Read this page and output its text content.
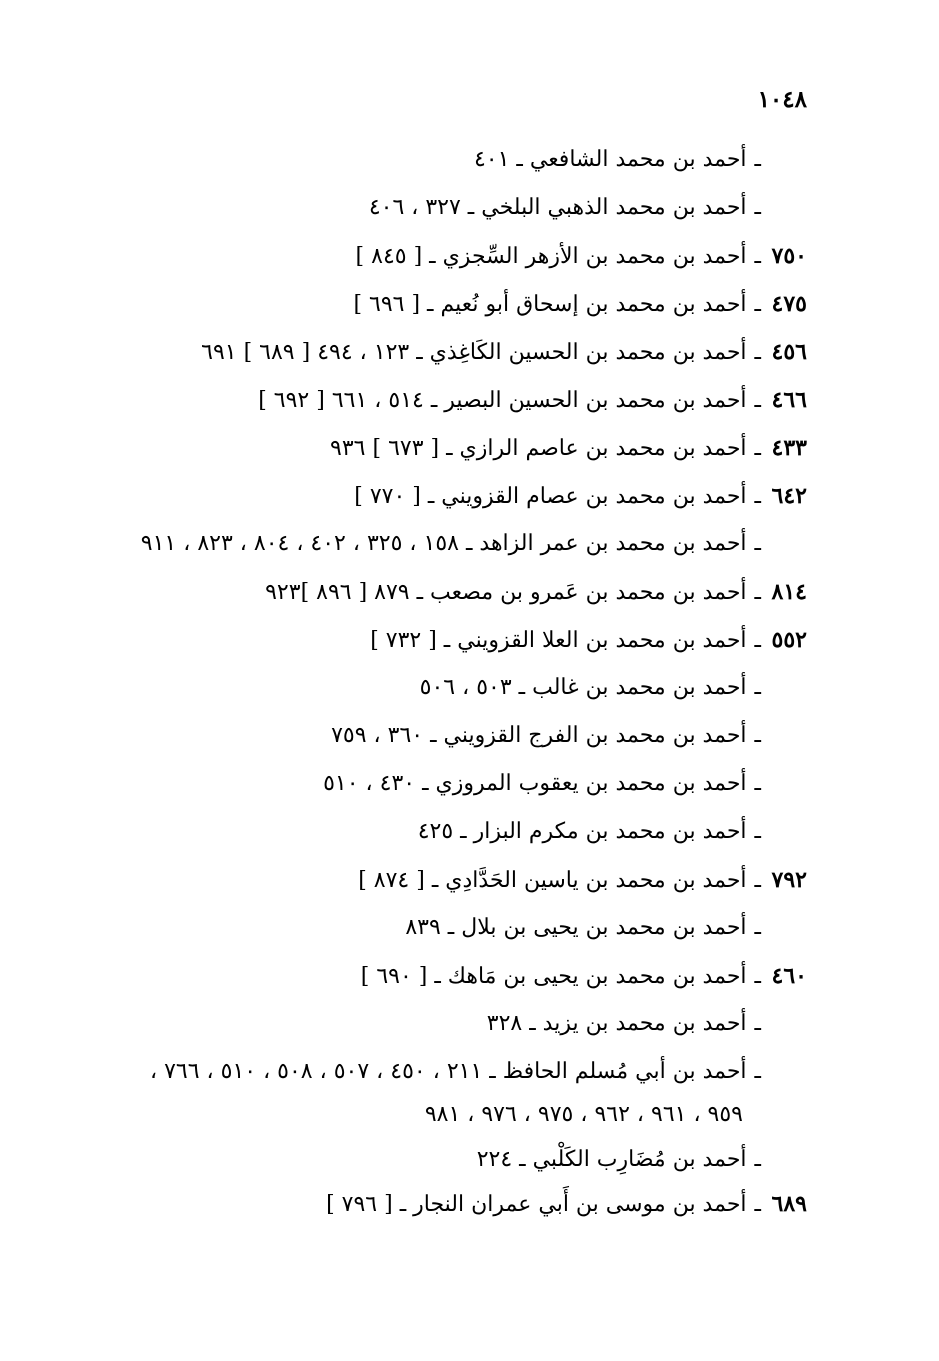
١٠٤٨
ـأحمد بن محمد الشافعي ـ ٤٠١
ـأحمد بن محمد الذهبي البلخي ـ ٣٢٧ ، ٤٠٦
٧٥٠ـأحمد بن محمد بن الأزهر السِّجزي ـ [ ٨٤٥ ]
٤٧٥ـأحمد بن محمد بن إسحاق أبو نُعيم ـ [ ٦٩٦ ]
٤٥٦ـأحمد بن محمد بن الحسين الكَاغِذي ـ ١٢٣ ، ٤٩٤ [ ٦٨٩ ] ٦٩١
٤٦٦ـأحمد بن محمد بن الحسين البصير ـ ٥١٤ ، ٦٦١ [ ٦٩٢ ]
٤٣٣ـأحمد بن محمد بن عاصم الرازي ـ [ ٦٧٣ ] ٩٣٦
٦٤٢ـأحمد بن محمد بن عصام القزويني ـ [ ٧٧٠ ]
ـأحمد بن محمد بن عمر الزاهد ـ ١٥٨ ، ٣٢٥ ، ٤٠٢ ، ٨٠٤ ، ٨٢٣ ، ٩١١
٨١٤ـأحمد بن محمد بن عَمرو بن مصعب ـ ٨٧٩ [ ٨٩٦ ]٩٢٣
٥٥٢ـأحمد بن محمد بن العلا القزويني ـ [ ٧٣٢ ]
ـأحمد بن محمد بن غالب ـ ٥٠٣ ، ٥٠٦
ـأحمد بن محمد بن الفرج القزويني ـ ٣٦٠ ، ٧٥٩
ـأحمد بن محمد بن يعقوب المروزي ـ ٤٣٠ ، ٥١٠
ـأحمد بن محمد بن مكرم البزار ـ ٤٢٥
٧٩٢ـأحمد بن محمد بن ياسين الحَدَّادِي ـ [ ٨٧٤ ]
ـأحمد بن محمد بن يحيى بن بلال ـ ٨٣٩
٤٦٠ـأحمد بن محمد بن يحيى بن مَاهك ـ [ ٦٩٠ ]
ـأحمد بن محمد بن يزيد ـ ٣٢٨
ـأحمد بن أبي مُسلم الحافظ ـ ٢١١ ، ٤٥٠ ، ٥٠٧ ، ٥٠٨ ، ٥١٠ ، ٧٦٦ ،
٩٥٩ ، ٩٦١ ، ٩٦٢ ، ٩٧٥ ، ٩٧٦ ، ٩٨١
ـأحمد بن مُضَارِب الكَلْبي ـ ٢٢٤
٦٨٩ـأحمد بن موسى بن أَبي عمران النجار ـ [ ٧٩٦ ]
